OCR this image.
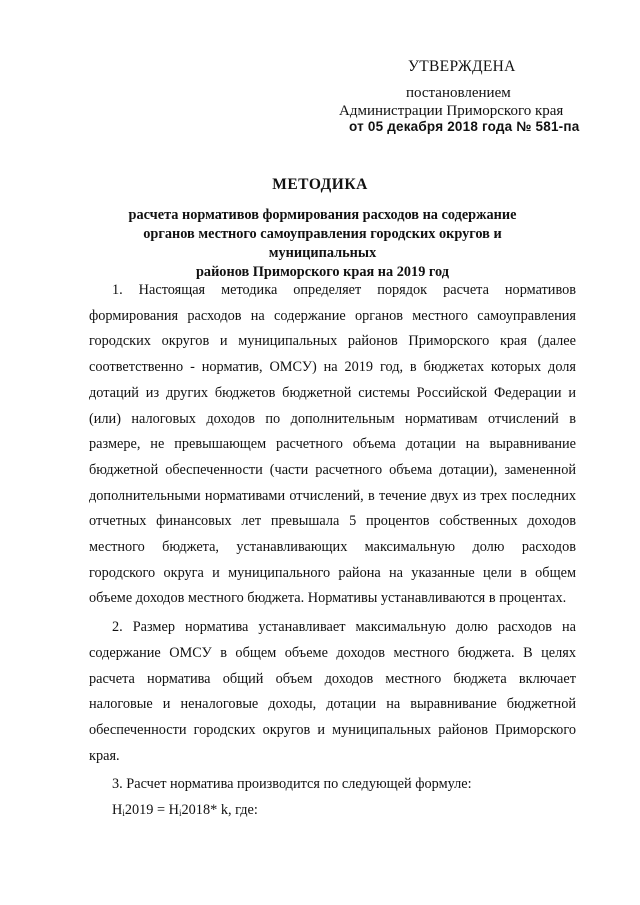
УТВЕРЖДЕНА
постановлением
Администрации Приморского края
от 05 декабря 2018 года № 581-па
МЕТОДИКА
расчета нормативов формирования расходов на содержание
органов местного самоуправления городских округов и муниципальных
районов Приморского края на 2019 год

1. Настоящая методика определяет порядок расчета нормативов формирования расходов на содержание органов местного самоуправления городских округов и муниципальных районов Приморского края (далее соответственно - норматив, ОМСУ) на 2019 год, в бюджетах которых доля дотаций из других бюджетов бюджетной системы Российской Федерации и (или) налоговых доходов по дополнительным нормативам отчислений в размере, не превышающем расчетного объема дотации на выравнивание бюджетной обеспеченности (части расчетного объема дотации), замененной дополнительными нормативами отчислений, в течение двух из трех последних отчетных финансовых лет превышала 5 процентов собственных доходов местного бюджета, устанавливающих максимальную долю расходов городского округа и муниципального района на указанные цели в общем объеме доходов местного бюджета. Нормативы устанавливаются в процентах.

2. Размер норматива устанавливает максимальную долю расходов на содержание ОМСУ в общем объеме доходов местного бюджета. В целях расчета норматива общий объем доходов местного бюджета включает налоговые и неналоговые доходы, дотации на выравнивание бюджетной обеспеченности городских округов и муниципальных районов Приморского края.

3. Расчет норматива производится по следующей формуле:

$Н_i2019 = Н_i2018*$ k, где:
